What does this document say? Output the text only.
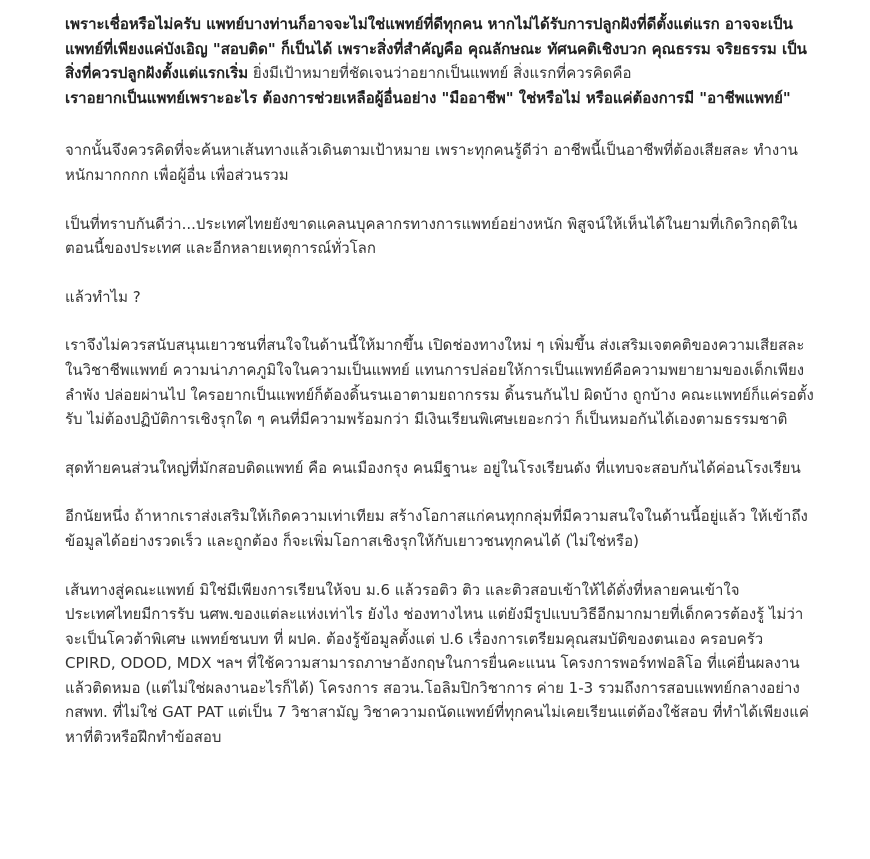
เพราะเชื่อหรือไม่ครับ แพทย์บางท่านก็อาจจะไม่ใช่แพทย์ที่ดีทุกคน หากไม่ได้รับการปลูกฝังที่ดีตั้งแต่แรก อาจจะเป็นแพทย์ที่เพียงแค่บังเอิญ "สอบติด" ก็เป็นได้ เพราะสิ่งที่สำคัญคือ คุณลักษณะ ทัศนคติเชิงบวก คุณธรรม จริยธรรม เป็นสิ่งที่ควรปลูกฝังตั้งแต่แรกเริ่ม ยิ่งมีเป้าหมายที่ชัดเจนว่าอยากเป็นแพทย์ สิ่งแรกที่ควรคิดคือ
เราอยากเป็นแพทย์เพราะอะไร ต้องการช่วยเหลือผู้อื่นอย่าง "มืออาชีพ" ใช่หรือไม่ หรือแค่ต้องการมี "อาชีพแพทย์"

จากนั้นจึงควรคิดที่จะค้นหาเส้นทางแล้วเดินตามเป้าหมาย เพราะทุกคนรู้ดีว่า อาชีพนี้เป็นอาชีพที่ต้องเสียสละ ทำงานหนักมากกกก เพื่อผู้อื่น เพื่อส่วนรวม

เป็นที่ทราบกันดีว่า...ประเทศไทยยังขาดแคลนบุคลากรทางการแพทย์อย่างหนัก พิสูจน์ให้เห็นได้ในยามที่เกิดวิกฤติในตอนนี้ของประเทศ และอีกหลายเหตุการณ์ทั่วโลก

แล้วทำไม ?

เราจึงไม่ควรสนับสนุนเยาวชนที่สนใจในด้านนี้ให้มากขึ้น เปิดช่องทางใหม่ ๆ เพิ่มขึ้น ส่งเสริมเจตคติของความเสียสละในวิชาชีพแพทย์ ความน่าภาคภูมิใจในความเป็นแพทย์ แทนการปล่อยให้การเป็นแพทย์คือความพยายามของเด็กเพียงลำพัง ปล่อยผ่านไป ใครอยากเป็นแพทย์ก็ต้องดิ้นรนเอาตามยถากรรม ดิ้นรนกันไป ผิดบ้าง ถูกบ้าง คณะแพทย์ก็แค่รอตั้งรับ ไม่ต้องปฏิบัติการเชิงรุกใด ๆ คนที่มีความพร้อมกว่า มีเงินเรียนพิเศษเยอะกว่า ก็เป็นหมอกันได้เองตามธรรมชาติ

สุดท้ายคนส่วนใหญ่ที่มักสอบติดแพทย์ คือ คนเมืองกรุง คนมีฐานะ อยู่ในโรงเรียนดัง ที่แทบจะสอบกันได้ค่อนโรงเรียน

อีกนัยหนึ่ง ถ้าหากเราส่งเสริมให้เกิดความเท่าเทียม สร้างโอกาสแก่คนทุกกลุ่มที่มีความสนใจในด้านนี้อยู่แล้ว ให้เข้าถึงข้อมูลได้อย่างรวดเร็ว และถูกต้อง ก็จะเพิ่มโอกาสเชิงรุกให้กับเยาวชนทุกคนได้ (ไม่ใช่หรือ)

เส้นทางสู่คณะแพทย์ มิใช่มีเพียงการเรียนให้จบ ม.6 แล้วรอติว ติว และติวสอบเข้าให้ได้ดั่งที่หลายคนเข้าใจ ประเทศไทยมีการรับ นศพ.ของแต่ละแห่งเท่าไร ยังไง ช่องทางไหน แต่ยังมีรูปแบบวิธีอีกมากมายที่เด็กควรต้องรู้ ไม่ว่าจะเป็นโควต้าพิเศษ แพทย์ชนบท ที่ ผปค. ต้องรู้ข้อมูลตั้งแต่ ป.6 เรื่องการเตรียมคุณสมบัติของตนเอง ครอบครัว CPIRD, ODOD, MDX ฯลฯ ที่ใช้ความสามารถภาษาอังกฤษในการยื่นคะแนน โครงการพอร์ทฟอลิโอ ที่แค่ยื่นผลงานแล้วติดหมอ (แต่ไม่ใช่ผลงานอะไรก็ได้) โครงการ สอวน.โอลิมปิกวิชาการ ค่าย 1-3 รวมถึงการสอบแพทย์กลางอย่าง กสพท. ที่ไม่ใช่ GAT PAT แต่เป็น 7 วิชาสามัญ วิชาความถนัดแพทย์ที่ทุกคนไม่เคยเรียนแต่ต้องใช้สอบ ที่ทำได้เพียงแค่หาที่ติวหรือฝึกทำข้อสอบ
